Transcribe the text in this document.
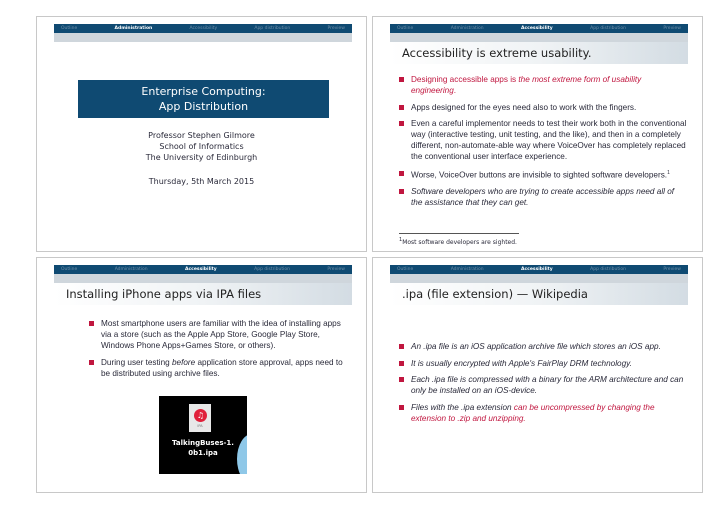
Outline	Administration	Accessibility	App distribution	Preview
Enterprise Computing:
App Distribution
Professor Stephen Gilmore
School of Informatics
The University of Edinburgh
Thursday, 5th March 2015
Outline	Administration	Accessibility	App distribution	Preview
Accessibility is extreme usability.
Designing accessible apps is the most extreme form of usability engineering.
Apps designed for the eyes need also to work with the fingers.
Even a careful implementor needs to test their work both in the conventional way (interactive testing, unit testing, and the like), and then in a completely different, non-automate-able way where VoiceOver has completely replaced the conventional user interface experience.
Worse, VoiceOver buttons are invisible to sighted software developers.$^1$
Software developers who are trying to create accessible apps need all of the assistance that they can get.
$^1$Most software developers are sighted.
Outline	Administration	Accessibility	App distribution	Preview
Installing iPhone apps via IPA files
Most smartphone users are familiar with the idea of installing apps via a store (such as the Apple App Store, Google Play Store, Windows Phone Apps+Games Store, or others).
During user testing before application store approval, apps need to be distributed using archive files.
♫
IPA
TalkingBuses-1.
0b1.ipa
Outline	Administration	Accessibility	App distribution	Preview
.ipa (file extension) — Wikipedia
An .ipa file is an iOS application archive file which stores an iOS app.
It is usually encrypted with Apple's FairPlay DRM technology.
Each .ipa file is compressed with a binary for the ARM architecture and can only be installed on an iOS-device.
Files with the .ipa extension can be uncompressed by changing the extension to .zip and unzipping.
